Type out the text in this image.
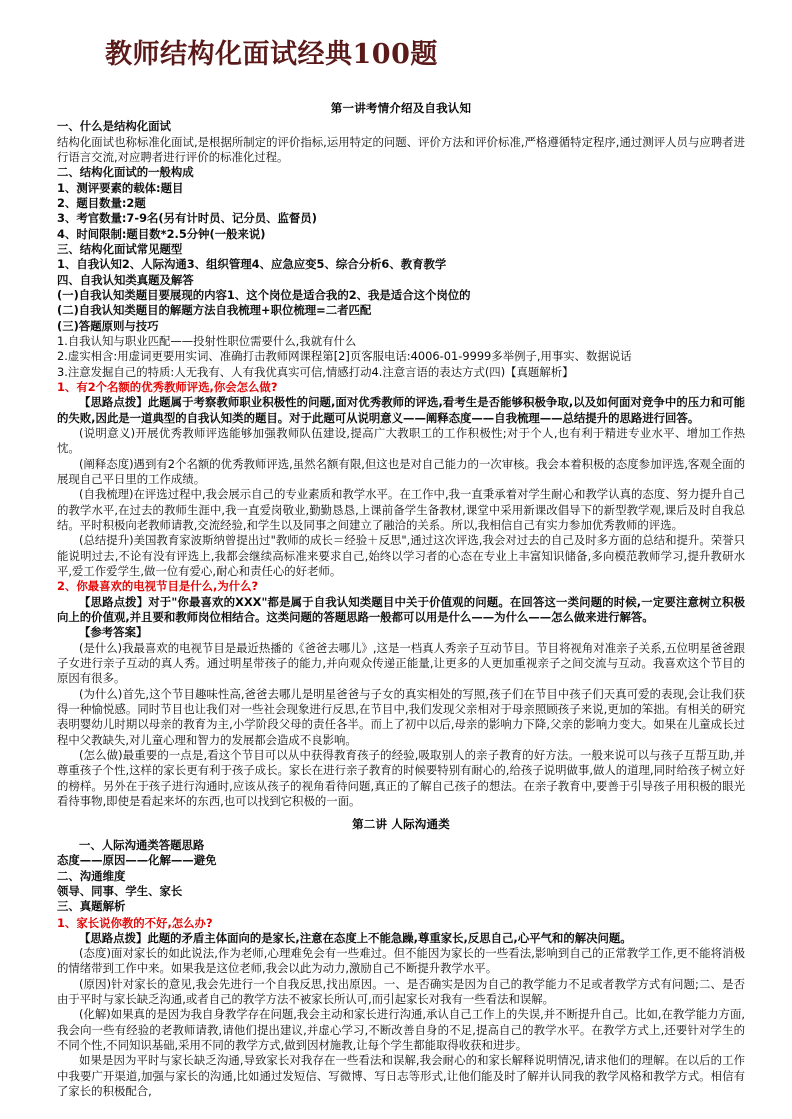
教师结构化面试经典100题
第一讲考情介绍及自我认知

一、什么是结构化面试

结构化面试也称标准化面试,是根据所制定的评价指标,运用特定的问题、评价方法和评价标准,严格遵循特定程序,通过测评人员与应聘者进行语言交流,对应聘者进行评价的标准化过程。

二、结构化面试的一般构成

1、测评要素的载体:题目

2、题目数量:2题

3、考官数量:7-9名(另有计时员、记分员、监督员)

4、时间限制:题目数*2.5分钟(一般来说)

三、结构化面试常见题型

1、自我认知2、人际沟通3、组织管理4、应急应变5、综合分析6、教育教学

四、自我认知类真题及解答

(一)自我认知类题目要展现的内容1、这个岗位是适合我的2、我是适合这个岗位的

(二)自我认知类题目的解题方法自我梳理+职位梳理=二者匹配

(三)答题原则与技巧

1.自我认知与职业匹配——投射性职位需要什么,我就有什么

2.虚实相含:用虚词更要用实词、准确打击教师网课程第[2]页客服电话:4006-01-9999多举例子,用事实、数据说话

3.注意发掘自己的特质:人无我有、人有我优真实可信,情感打动4.注意言语的表达方式(四)【真题解析】

1、有2个名额的优秀教师评选,你会怎么做?

【思路点拨】此题属于考察教师职业积极性的问题,面对优秀教师的评选,看考生是否能够积极争取,以及如何面对竞争中的压力和可能的失败,因此是一道典型的自我认知类的题目。对于此题可从说明意义——阐释态度——自我梳理——总结提升的思路进行回答。

(说明意义)开展优秀教师评选能够加强教师队伍建设,提高广大教职工的工作积极性;对于个人,也有利于精进专业水平、增加工作热忱。

(阐释态度)遇到有2个名额的优秀教师评选,虽然名额有限,但这也是对自己能力的一次审核。我会本着积极的态度参加评选,客观全面的展现自己平日里的工作成绩。

(自我梳理)在评选过程中,我会展示自己的专业素质和教学水平。在工作中,我一直秉承着对学生耐心和教学认真的态度、努力提升自己的教学水平,在过去的教师生涯中,我一直爱岗敬业,勤勤恳恳,上课前备学生备教材,课堂中采用新课改倡导下的新型教学观,课后及时自我总结。平时积极向老教师请教,交流经验,和学生以及同事之间建立了融洽的关系。所以,我相信自己有实力参加优秀教师的评选。

(总结提升)美国教育家波斯纳曾提出过"教师的成长＝经验＋反思",通过这次评选,我会对过去的自己及时多方面的总结和提升。荣誉只能说明过去,不论有没有评选上,我都会继续高标准来要求自己,始终以学习者的心态在专业上丰富知识储备,多向模范教师学习,提升教研水平,爱工作爱学生,做一位有爱心,耐心和责任心的好老师。

2、你最喜欢的电视节目是什么,为什么?

【思路点拨】对于"你最喜欢的XXX"都是属于自我认知类题目中关于价值观的问题。在回答这一类问题的时候,一定要注意树立积极向上的价值观,并且要和教师岗位相结合。这类问题的答题思路一般都可以用是什么——为什么——怎么做来进行解答。

【参考答案】

(是什么)我最喜欢的电视节目是最近热播的《爸爸去哪儿》,这是一档真人秀亲子互动节目。节目将视角对准亲子关系,五位明星爸爸跟子女进行亲子互动的真人秀。通过明星带孩子的能力,并向观众传递正能量,让更多的人更加重视亲子之间交流与互动。我喜欢这个节目的原因有很多。

(为什么)首先,这个节目趣味性高,爸爸去哪儿是明星爸爸与子女的真实相处的写照,孩子们在节目中孩子们天真可爱的表现,会让我们获得一种愉悦感。同时节目也让我们对一些社会现象进行反思,在节目中,我们发现父亲相对于母亲照顾孩子来说,更加的笨拙。有相关的研究表明婴幼儿时期以母亲的教育为主,小学阶段父母的责任各半。而上了初中以后,母亲的影响力下降,父亲的影响力变大。如果在儿童成长过程中父教缺失,对儿童心理和智力的发展都会造成不良影响。

(怎么做)最重要的一点是,看这个节目可以从中获得教育孩子的经验,吸取别人的亲子教育的好方法。一般来说可以与孩子互帮互助,并尊重孩子个性,这样的家长更有利于孩子成长。家长在进行亲子教育的时候要特别有耐心的,给孩子说明做事,做人的道理,同时给孩子树立好的榜样。另外在于孩子进行沟通时,应该从孩子的视角看待问题,真正的了解自己孩子的想法。在亲子教育中,要善于引导孩子用积极的眼光看待事物,即使是看起来坏的东西,也可以找到它积极的一面。

第二讲 人际沟通类

一、人际沟通类答题思路

态度——原因——化解——避免

二、沟通维度

领导、同事、学生、家长

三、真题解析

1、家长说你教的不好,怎么办?

【思路点拨】此题的矛盾主体面向的是家长,注意在态度上不能急躁,尊重家长,反思自己,心平气和的解决问题。

(态度)面对家长的如此说法,作为老师,心理难免会有一些难过。但不能因为家长的一些看法,影响到自己的正常教学工作,更不能将消极的情绪带到工作中来。如果我是这位老师,我会以此为动力,激励自己不断提升教学水平。

(原因)针对家长的意见,我会先进行一个自我反思,找出原因。一、是否确实是因为自己的教学能力不足或者教学方式有问题;二、是否由于平时与家长缺乏沟通,或者自己的教学方法不被家长所认可,而引起家长对我有一些看法和误解。

(化解)如果真的是因为我自身教学存在问题,我会主动和家长进行沟通,承认自己工作上的失误,并不断提升自己。比如,在教学能力方面,我会向一些有经验的老教师请教,请他们提出建议,并虚心学习,不断改善自身的不足,提高自己的教学水平。在教学方式上,还要针对学生的不同个性,不同知识基础,采用不同的教学方式,做到因材施教,让每个学生都能取得收获和进步。

如果是因为平时与家长缺乏沟通,导致家长对我存在一些看法和误解,我会耐心的和家长解释说明情况,请求他们的理解。在以后的工作中我要广开渠道,加强与家长的沟通,比如通过发短信、写微博、写日志等形式,让他们能及时了解并认同我的教学风格和教学方式。相信有了家长的积极配合,
